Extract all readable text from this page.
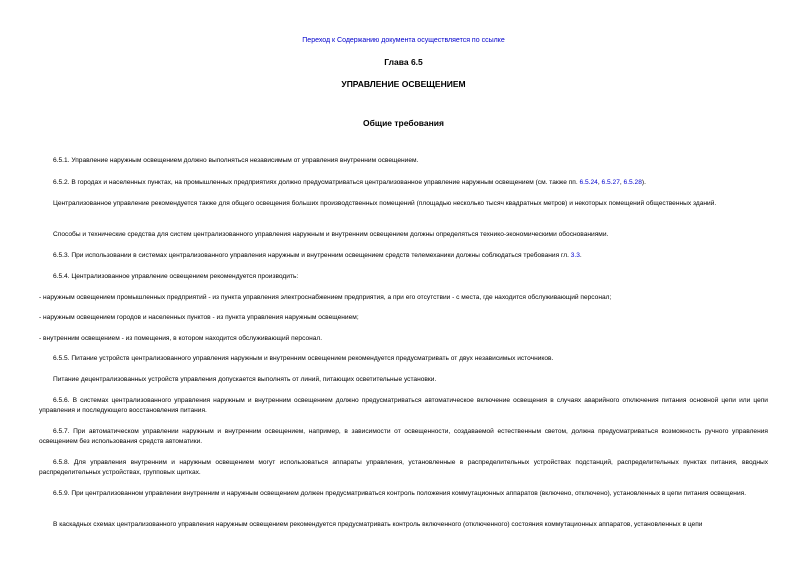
Переход к Содержанию документа осуществляется по ссылке
Глава 6.5
УПРАВЛЕНИЕ ОСВЕЩЕНИЕМ
Общие требования

6.5.1. Управление наружным освещением должно выполняться независимым от управления внутренним освещением.

6.5.2. В городах и населенных пунктах, на промышленных предприятиях должно предусматриваться централизованное управление наружным освещением (см. также пп. 6.5.24, 6.5.27, 6.5.28).

Централизованное управление рекомендуется также для общего освещения больших производственных помещений (площадью несколько тысяч квадратных метров) и некоторых помещений общественных зданий.

Способы и технические средства для систем централизованного управления наружным и внутренним освещением должны определяться технико-экономическими обоснованиями.

6.5.3. При использовании в системах централизованного управления наружным и внутренним освещением средств телемеханики должны соблюдаться требования гл. 3.3.

6.5.4. Централизованное управление освещением рекомендуется производить:

- наружным освещением промышленных предприятий - из пункта управления электроснабжением предприятия, а при его отсутствии - с места, где находится обслуживающий персонал;

- наружным освещением городов и населенных пунктов - из пункта управления наружным освещением;

- внутренним освещением - из помещения, в котором находится обслуживающий персонал.

6.5.5. Питание устройств централизованного управления наружным и внутренним освещением рекомендуется предусматривать от двух независимых источников.

Питание децентрализованных устройств управления допускается выполнять от линий, питающих осветительные установки.

6.5.6. В системах централизованного управления наружным и внутренним освещением должно предусматриваться автоматическое включение освещения в случаях аварийного отключения питания основной цепи или цепи управления и последующего восстановления питания.

6.5.7. При автоматическом управлении наружным и внутренним освещением, например, в зависимости от освещенности, создаваемой естественным светом, должна предусматриваться возможность ручного управления освещением без использования средств автоматики.

6.5.8. Для управления внутренним и наружным освещением могут использоваться аппараты управления, установленные в распределительных устройствах подстанций, распределительных пунктах питания, вводных распределительных устройствах, групповых щитках.

6.5.9. При централизованном управлении внутренним и наружным освещением должен предусматриваться контроль положения коммутационных аппаратов (включено, отключено), установленных в цепи питания освещения.

В каскадных схемах централизованного управления наружным освещением рекомендуется предусматривать контроль включенного (отключенного) состояния коммутационных аппаратов, установленных в цепи
